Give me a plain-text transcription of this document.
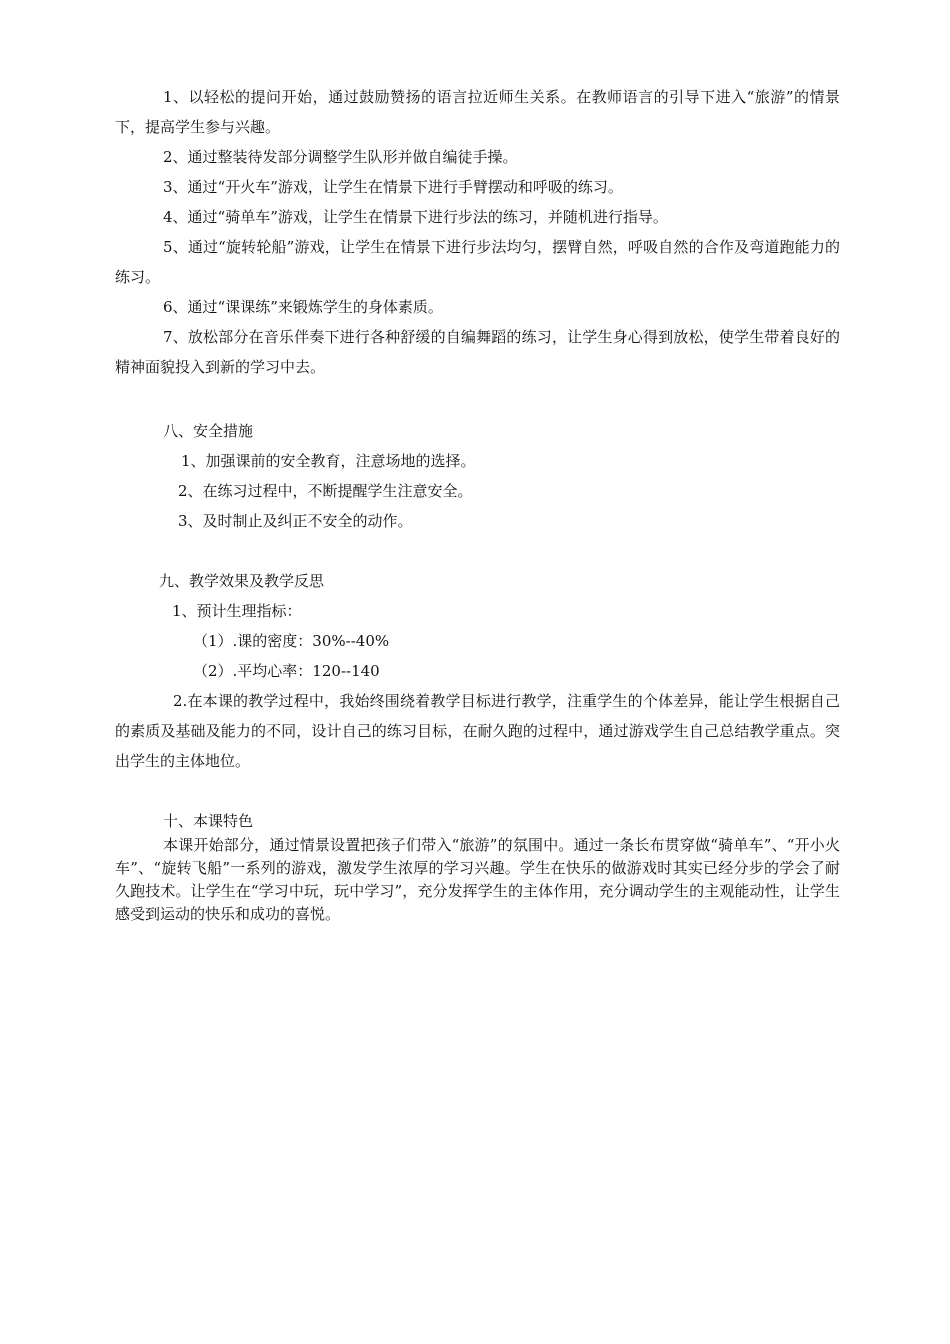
1、以轻松的提问开始，通过鼓励赞扬的语言拉近师生关系。在教师语言的引导下进入“旅游”的情景下，提高学生参与兴趣。

2、通过整装待发部分调整学生队形并做自编徒手操。

3、通过“开火车”游戏，让学生在情景下进行手臂摆动和呼吸的练习。

4、通过“骑单车”游戏，让学生在情景下进行步法的练习，并随机进行指导。

5、通过“旋转轮船”游戏，让学生在情景下进行步法均匀，摆臂自然，呼吸自然的合作及弯道跑能力的练习。

6、通过“课课练”来锻炼学生的身体素质。

7、放松部分在音乐伴奏下进行各种舒缓的自编舞蹈的练习，让学生身心得到放松，使学生带着良好的精神面貌投入到新的学习中去。

八、安全措施

1、加强课前的安全教育，注意场地的选择。

2、在练习过程中，不断提醒学生注意安全。

3、及时制止及纠正不安全的动作。

九、教学效果及教学反思

1、预计生理指标：

（1）.课的密度：30%--40%

（2）.平均心率：120--140

2.在本课的教学过程中，我始终围绕着教学目标进行教学，注重学生的个体差异，能让学生根据自己的素质及基础及能力的不同，设计自己的练习目标，在耐久跑的过程中，通过游戏学生自己总结教学重点。突出学生的主体地位。

十、本课特色

本课开始部分，通过情景设置把孩子们带入“旅游”的氛围中。通过一条长布贯穿做“骑单车”、“开小火车”、“旋转飞船”一系列的游戏，激发学生浓厚的学习兴趣。学生在快乐的做游戏时其实已经分步的学会了耐久跑技术。让学生在“学习中玩，玩中学习”，充分发挥学生的主体作用，充分调动学生的主观能动性，让学生感受到运动的快乐和成功的喜悦。
